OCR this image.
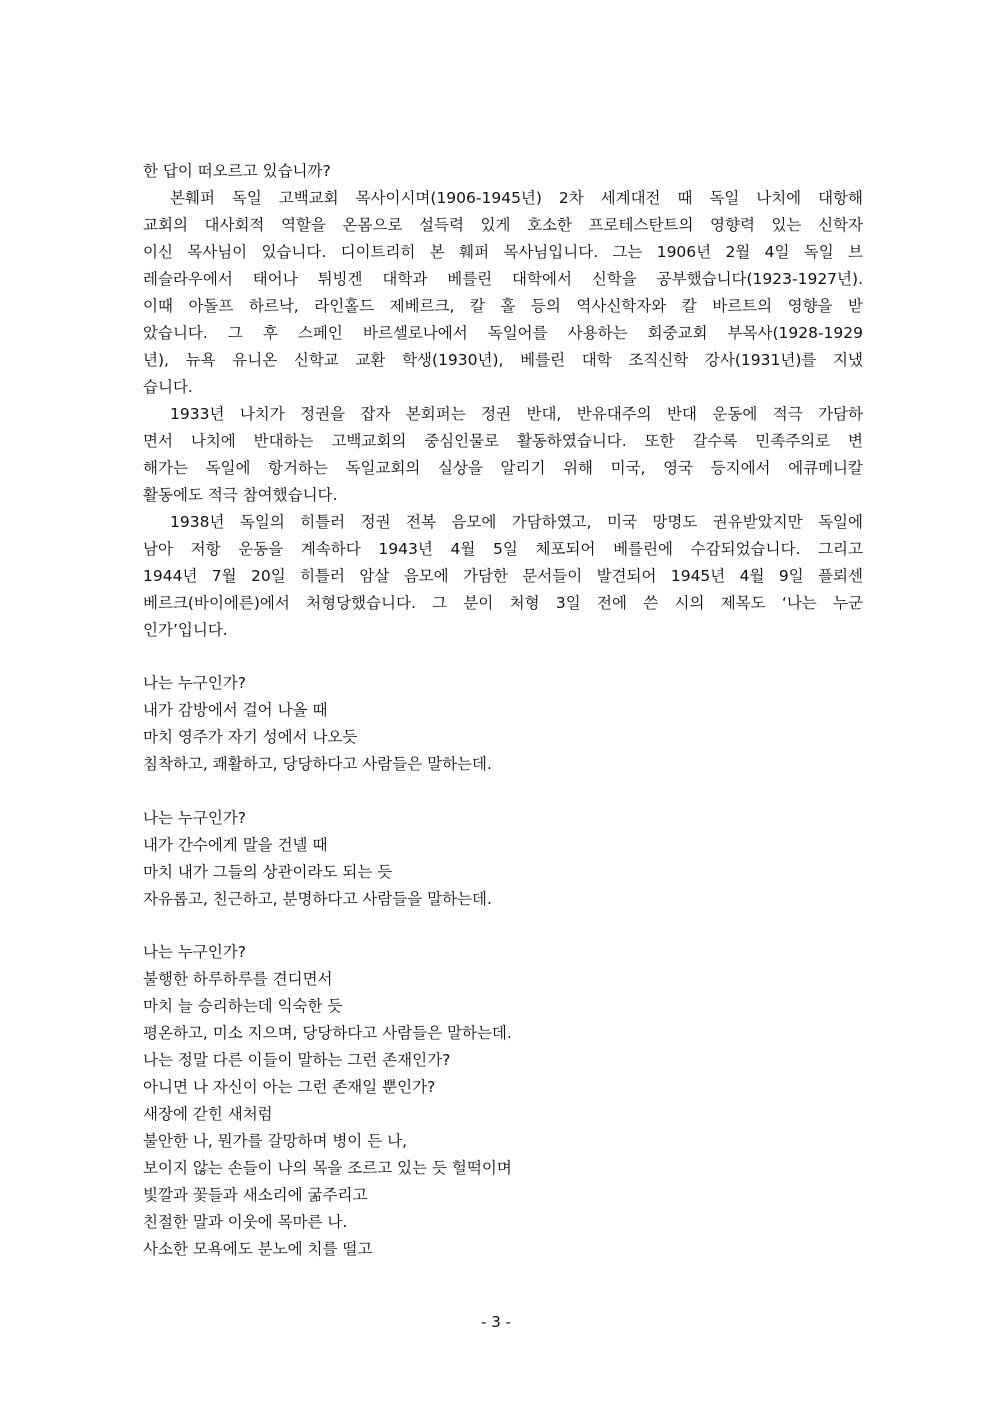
한 답이 떠오르고 있습니까?
본훼퍼 독일 고백교회 목사이시며(1906-1945년) 2차 세계대전 때 독일 나치에 대항해
교회의 대사회적 역할을 온몸으로 설득력 있게 호소한 프로테스탄트의 영향력 있는 신학자
이신 목사님이 있습니다. 디이트리히 본 훼퍼 목사님입니다. 그는 1906년 2월 4일 독일 브
레슬라우에서 태어나 튀빙겐 대학과 베를린 대학에서 신학을 공부했습니다(1923-1927년).
이때 아돌프 하르낙, 라인홀드 제베르크, 칼 홀 등의 역사신학자와 칼 바르트의 영향을 받
았습니다. 그 후 스페인 바르셀로나에서 독일어를 사용하는 회중교회 부목사(1928-1929
년), 뉴욕 유니온 신학교 교환 학생(1930년), 베를린 대학 조직신학 강사(1931년)를 지냈
습니다.
1933년 나치가 정권을 잡자 본회퍼는 정권 반대, 반유대주의 반대 운동에 적극 가담하
면서 나치에 반대하는 고백교회의 중심인물로 활동하였습니다. 또한 갈수록 민족주의로 변
해가는 독일에 항거하는 독일교회의 실상을 알리기 위해 미국, 영국 등지에서 에큐메니칼
활동에도 적극 참여했습니다.
1938년 독일의 히틀러 정권 전복 음모에 가담하였고, 미국 망명도 권유받았지만 독일에
남아 저항 운동을 계속하다 1943년 4월 5일 체포되어 베를린에 수감되었습니다. 그리고
1944년 7월 20일 히틀러 암살 음모에 가담한 문서들이 발견되어 1945년 4월 9일 플뢰센
베르크(바이에른)에서 처형당했습니다. 그 분이 처형 3일 전에 쓴 시의 제목도 ‘나는 누군
인가’입니다.
나는 누구인가?
내가 감방에서 걸어 나올 때
마치 영주가 자기 성에서 나오듯
침착하고, 쾌활하고, 당당하다고 사람들은 말하는데.
나는 누구인가?
내가 간수에게 말을 건넬 때
마치 내가 그들의 상관이라도 되는 듯
자유롭고, 친근하고, 분명하다고 사람들을 말하는데.
나는 누구인가?
불행한 하루하루를 견디면서
마치 늘 승리하는데 익숙한 듯
평온하고, 미소 지으며, 당당하다고 사람들은 말하는데.
나는 정말 다른 이들이 말하는 그런 존재인가?
아니면 나 자신이 아는 그런 존재일 뿐인가?
새장에 갇힌 새처럼
불안한 나, 뭔가를 갈망하며 병이 든 나,
보이지 않는 손들이 나의 목을 조르고 있는 듯 헐떡이며
빛깔과 꽃들과 새소리에 굶주리고
친절한 말과 이웃에 목마른 나.
사소한 모욕에도 분노에 치를 떨고
- 3 -
